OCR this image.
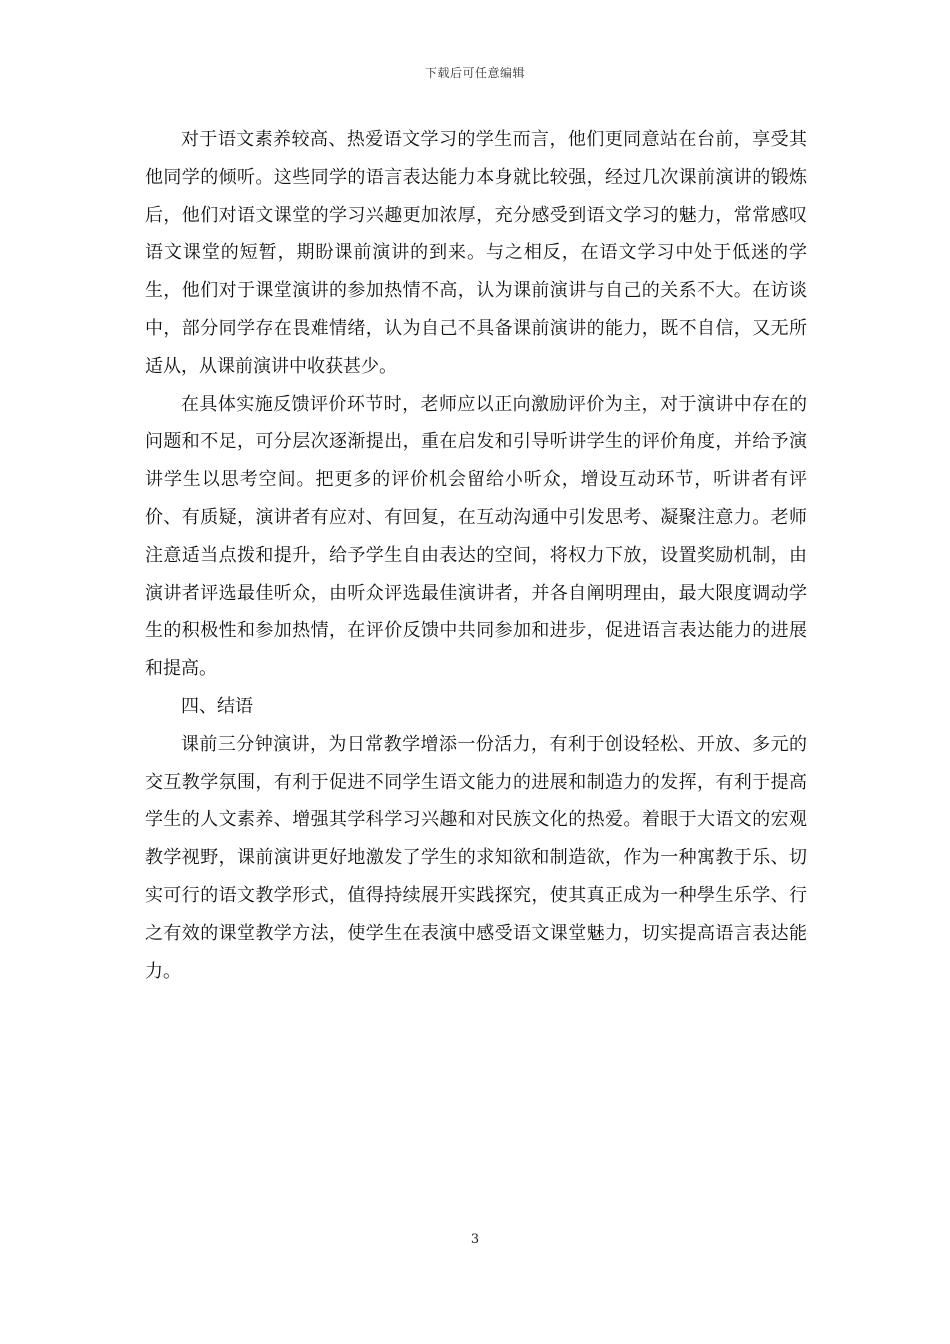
下载后可任意编辑

对于语文素养较高、热爱语文学习的学生而言，他们更同意站在台前，享受其他同学的倾听。这些同学的语言表达能力本身就比较强，经过几次课前演讲的锻炼后，他们对语文课堂的学习兴趣更加浓厚，充分感受到语文学习的魅力，常常感叹语文课堂的短暂，期盼课前演讲的到来。与之相反，在语文学习中处于低迷的学生，他们对于课堂演讲的参加热情不高，认为课前演讲与自己的关系不大。在访谈中，部分同学存在畏难情绪，认为自己不具备课前演讲的能力，既不自信，又无所适从，从课前演讲中收获甚少。

在具体实施反馈评价环节时，老师应以正向激励评价为主，对于演讲中存在的问题和不足，可分层次逐渐提出，重在启发和引导听讲学生的评价角度，并给予演讲学生以思考空间。把更多的评价机会留给小听众，增设互动环节，听讲者有评价、有质疑，演讲者有应对、有回复，在互动沟通中引发思考、凝聚注意力。老师注意适当点拨和提升，给予学生自由表达的空间，将权力下放，设置奖励机制，由演讲者评选最佳听众，由听众评选最佳演讲者，并各自阐明理由，最大限度调动学生的积极性和参加热情，在评价反馈中共同参加和进步，促进语言表达能力的进展和提高。

四、结语

课前三分钟演讲，为日常教学增添一份活力，有利于创设轻松、开放、多元的交互教学氛围，有利于促进不同学生语文能力的进展和制造力的发挥，有利于提高学生的人文素养、增强其学科学习兴趣和对民族文化的热爱。着眼于大语文的宏观教学视野，课前演讲更好地激发了学生的求知欲和制造欲，作为一种寓教于乐、切实可行的语文教学形式，值得持续展开实践探究，使其真正成为一种學生乐学、行之有效的课堂教学方法，使学生在表演中感受语文课堂魅力，切实提高语言表达能力。

3
